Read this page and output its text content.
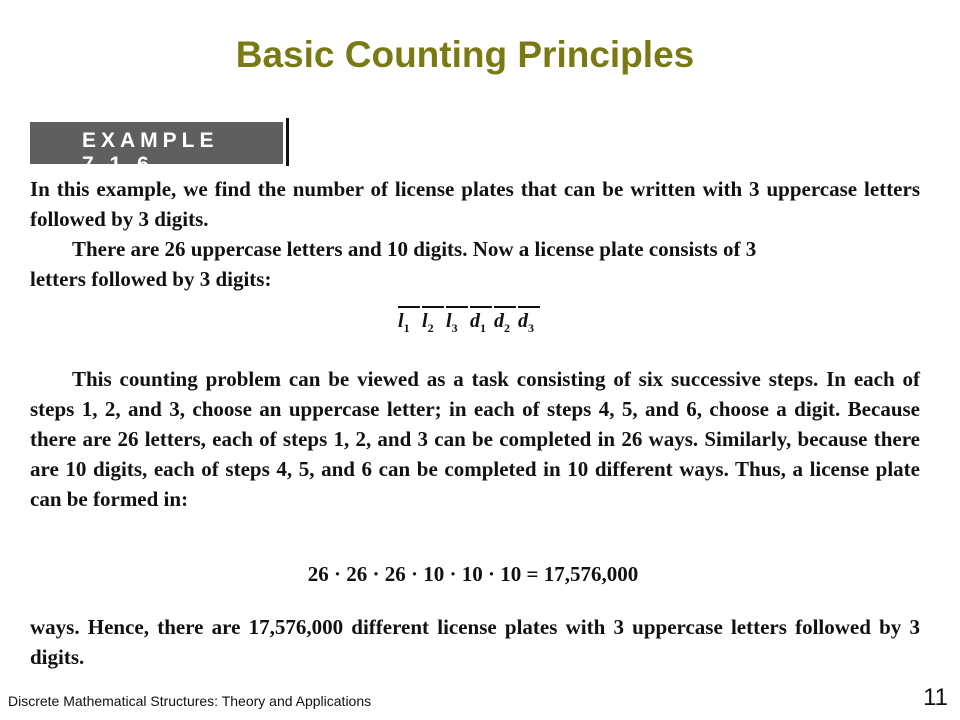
Basic Counting Principles
EXAMPLE 7.1.6
In this example, we find the number of license plates that can be written with 3 uppercase letters followed by 3 digits.
There are 26 uppercase letters and 10 digits. Now a license plate consists of 3
letters followed by 3 digits:
$l_1$ $l_2$ $l_3$ $d_1$ $d_2$ $d_3$
This counting problem can be viewed as a task consisting of six successive steps. In each of steps 1, 2, and 3, choose an uppercase letter; in each of steps 4, 5, and 6, choose a digit. Because there are 26 letters, each of steps 1, 2, and 3 can be completed in 26 ways. Similarly, because there are 10 digits, each of steps 4, 5, and 6 can be completed in 10 different ways. Thus, a license plate can be formed in:
26 · 26 · 26 · 10 · 10 · 10 = 17,576,000
ways. Hence, there are 17,576,000 different license plates with 3 uppercase letters followed by 3 digits.
Discrete Mathematical Structures: Theory and Applications	11
